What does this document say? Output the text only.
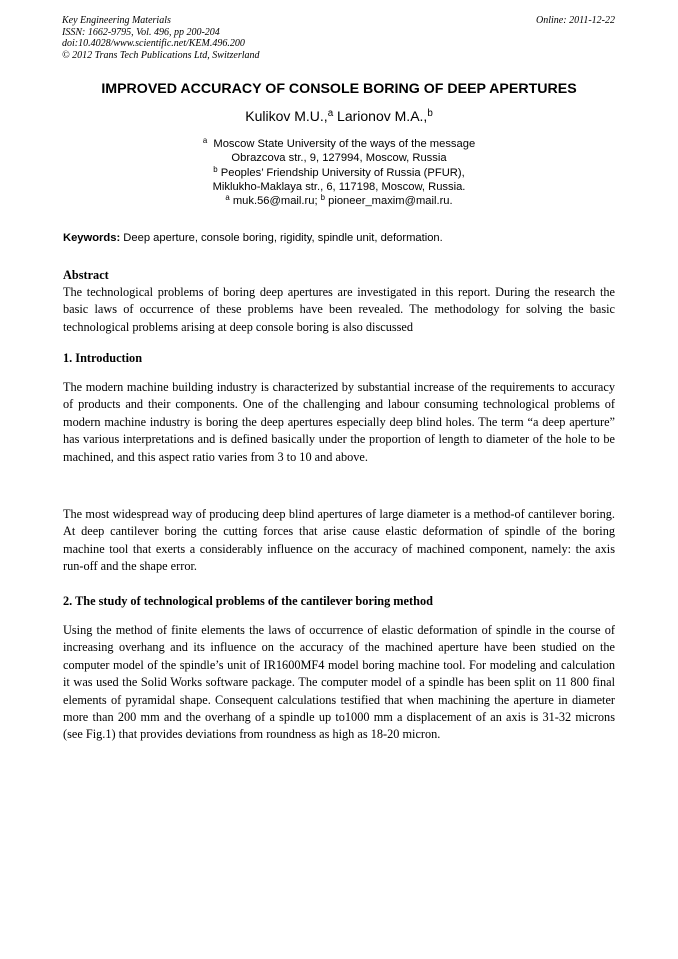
Key Engineering Materials
ISSN: 1662-9795, Vol. 496, pp 200-204
doi:10.4028/www.scientific.net/KEM.496.200
© 2012 Trans Tech Publications Ltd, Switzerland
Online: 2011-12-22
IMPROVED ACCURACY OF CONSOLE BORING OF DEEP APERTURES
Kulikov M.U.,$^a$ Larionov M.A.,$^b$
$^a$ Moscow State University of the ways of the message
Obrazcova str., 9, 127994, Moscow, Russia
$^b$ Peoples’ Friendship University of Russia (PFUR),
Miklukho-Maklaya str., 6, 117198, Moscow, Russia.
$^a$ muk.56@mail.ru; $^b$ pioneer_maxim@mail.ru.
Keywords: Deep aperture, console boring, rigidity, spindle unit, deformation.
Abstract

The technological problems of boring deep apertures are investigated in this report. During the research the basic laws of occurrence of these problems have been revealed. The methodology for solving the basic technological problems arising at deep console boring is also discussed

1. Introduction

The modern machine building industry is characterized by substantial increase of the requirements to accuracy of products and their components. One of the challenging and labour consuming technological problems of modern machine industry is boring the deep apertures especially deep blind holes. The term “a deep aperture” has various interpretations and is defined basically under the proportion of length to diameter of the hole to be machined, and this aspect ratio varies from 3 to 10 and above.

The most widespread way of producing deep blind apertures of large diameter is a method-of cantilever boring. At deep cantilever boring the cutting forces that arise cause elastic deformation of spindle of the boring machine tool that exerts a considerably influence on the accuracy of machined component, namely: the axis run-off and the shape error.

2. The study of technological problems of the cantilever boring method

Using the method of finite elements the laws of occurrence of elastic deformation of spindle in the course of increasing overhang and its influence on the accuracy of the machined aperture have been studied on the computer model of the spindle’s unit of IR1600MF4 model boring machine tool. For modeling and calculation it was used the Solid Works software package. The computer model of a spindle has been split on 11 800 final elements of pyramidal shape. Consequent calculations testified that when machining the aperture in diameter more than 200 mm and the overhang of a spindle up to1000 mm a displacement of an axis is 31-32 microns (see Fig.1) that provides deviations from roundness as high as 18-20 micron.
